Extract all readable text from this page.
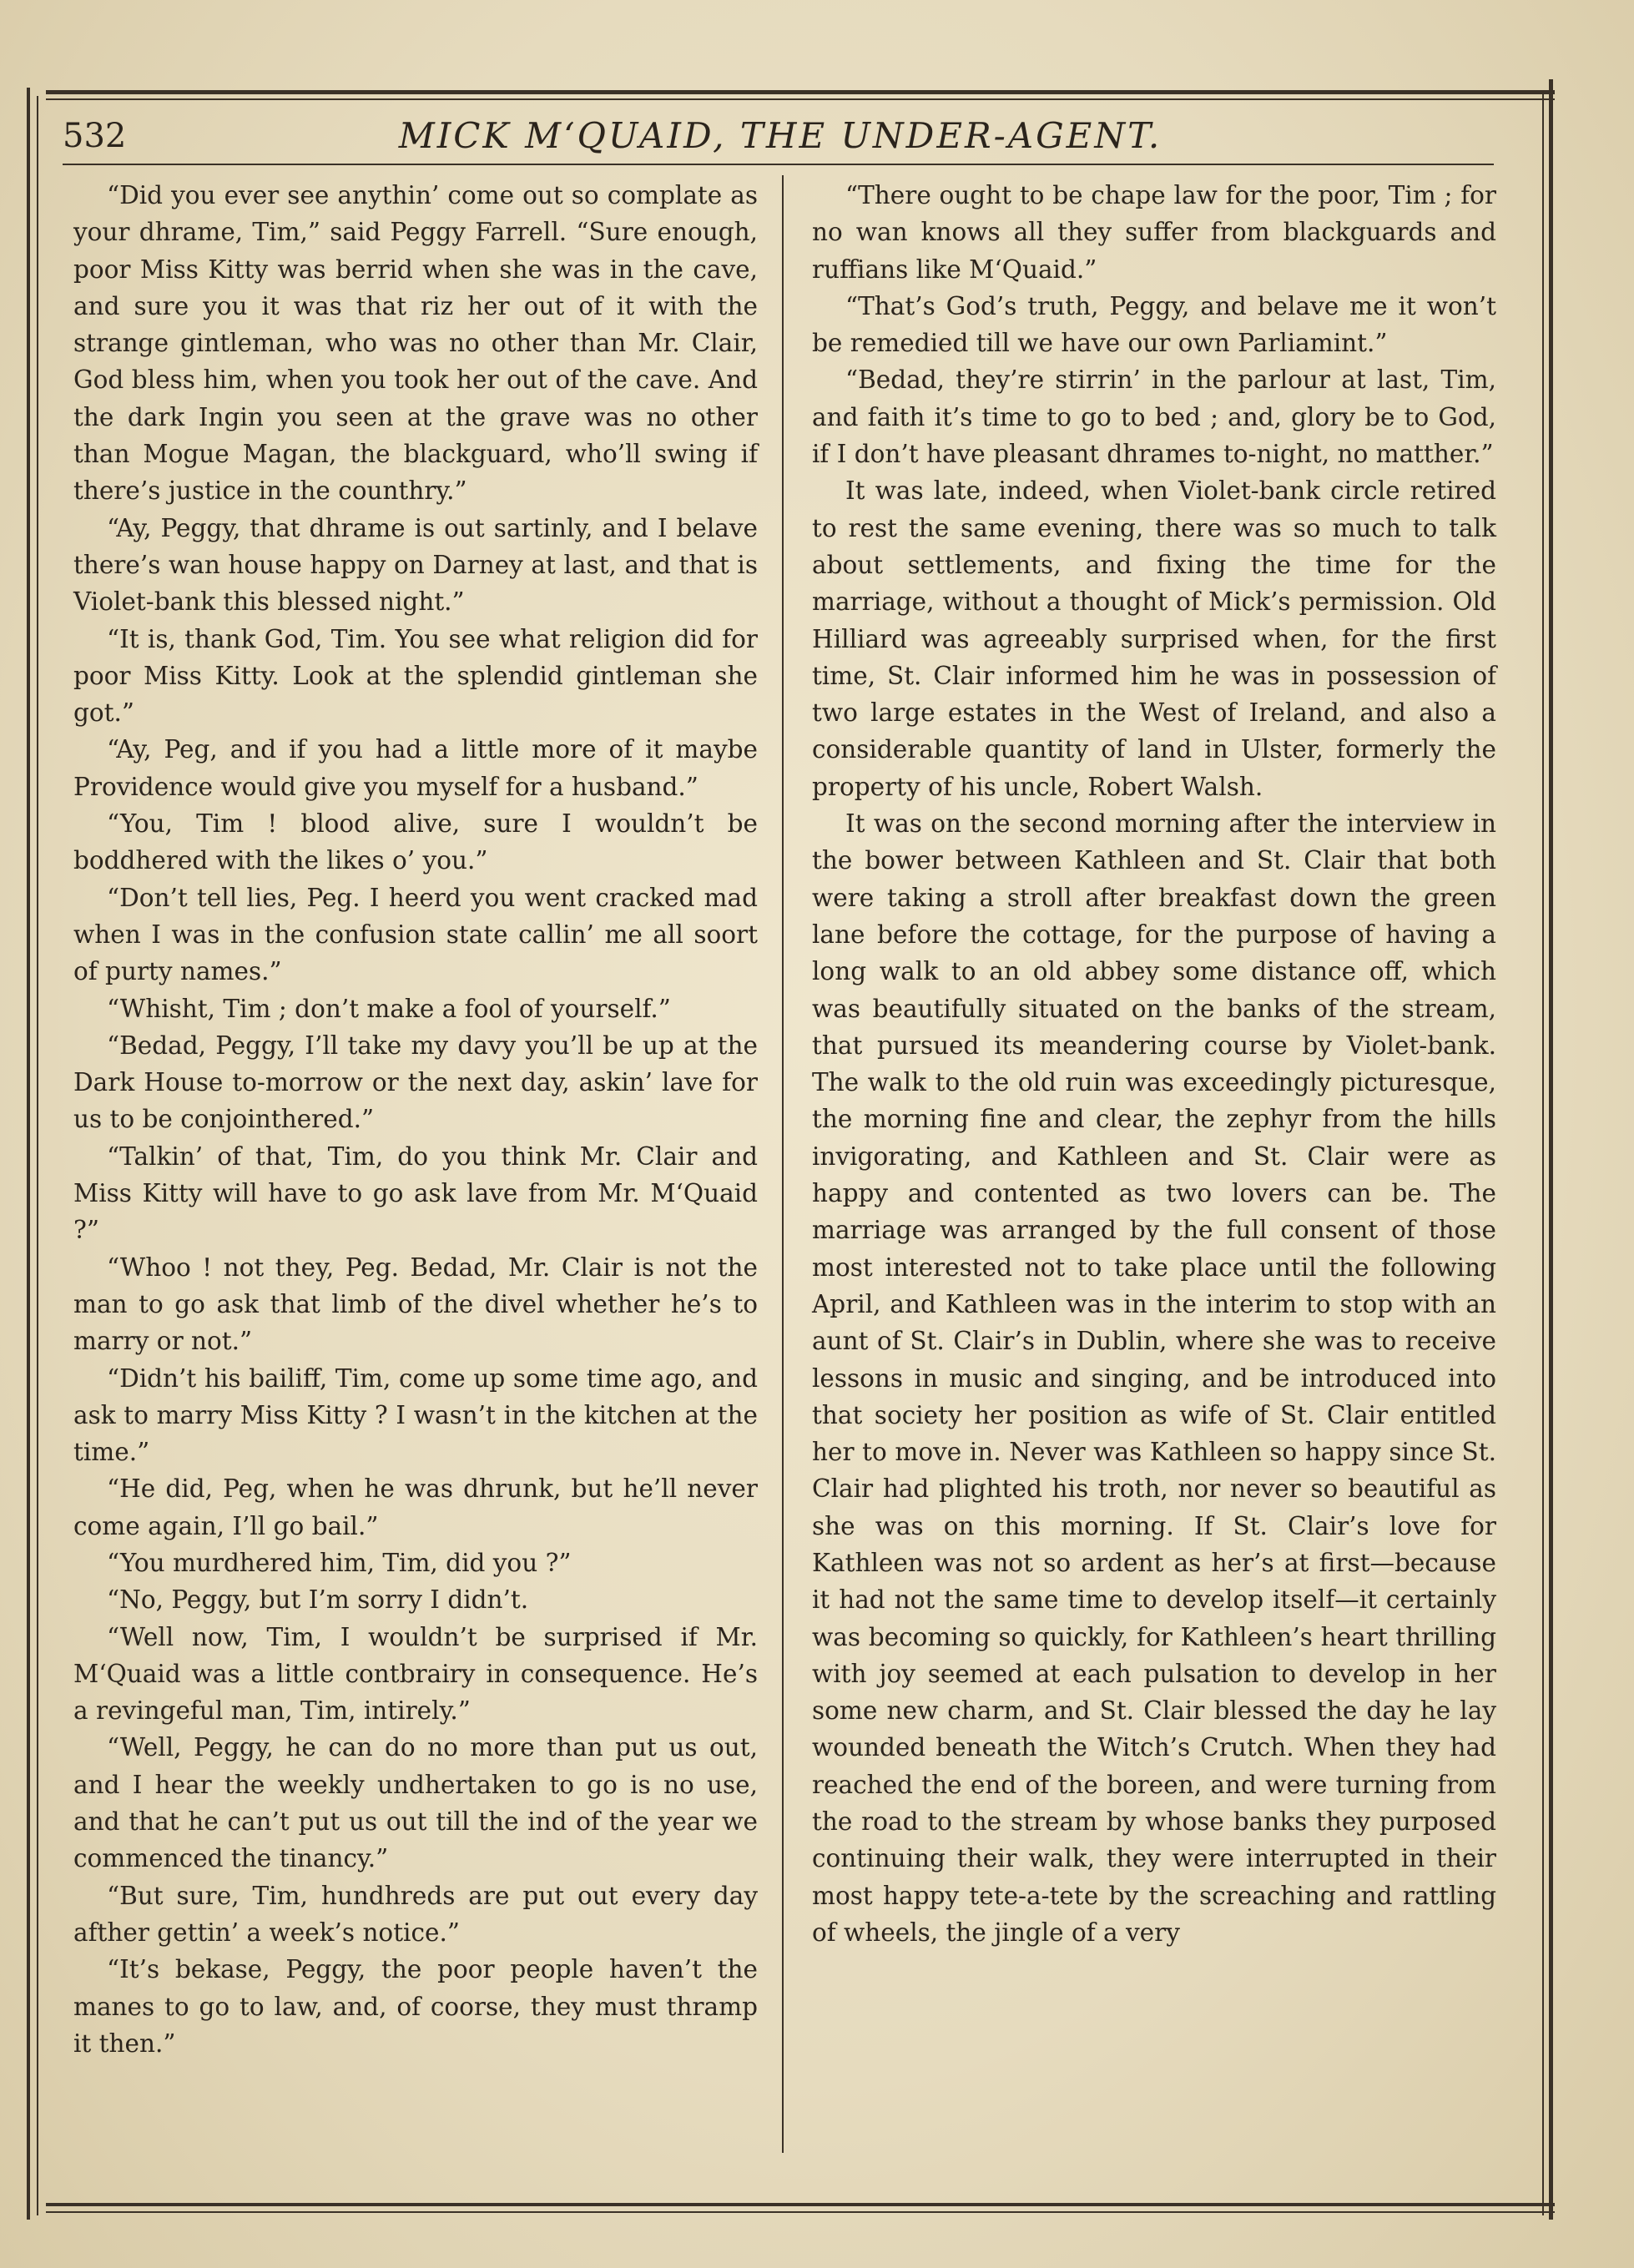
532	MICK M‘QUAID, THE UNDER-AGENT.

“Did you ever see anythin’ come out so complate as your dhrame, Tim,” said Peggy Farrell. “Sure enough, poor Miss Kitty was berrid when she was in the cave, and sure you it was that riz her out of it with the strange gintleman, who was no other than Mr. Clair, God bless him, when you took her out of the cave. And the dark Ingin you seen at the grave was no other than Mogue Magan, the blackguard, who’ll swing if there’s justice in the counthry.”

“Ay, Peggy, that dhrame is out sartinly, and I belave there’s wan house happy on Darney at last, and that is Violet-bank this blessed night.”

“It is, thank God, Tim. You see what religion did for poor Miss Kitty. Look at the splendid gintleman she got.”

“Ay, Peg, and if you had a little more of it maybe Providence would give you myself for a husband.”

“You, Tim ! blood alive, sure I wouldn’t be boddhered with the likes o’ you.”

“Don’t tell lies, Peg. I heerd you went cracked mad when I was in the confusion state callin’ me all soort of purty names.”

“Whisht, Tim ; don’t make a fool of yourself.”

“Bedad, Peggy, I’ll take my davy you’ll be up at the Dark House to-morrow or the next day, askin’ lave for us to be conjointhered.”

“Talkin’ of that, Tim, do you think Mr. Clair and Miss Kitty will have to go ask lave from Mr. M‘Quaid ?”

“Whoo ! not they, Peg. Bedad, Mr. Clair is not the man to go ask that limb of the divel whether he’s to marry or not.”

“Didn’t his bailiff, Tim, come up some time ago, and ask to marry Miss Kitty ? I wasn’t in the kitchen at the time.”

“He did, Peg, when he was dhrunk, but he’ll never come again, I’ll go bail.”

“You murdhered him, Tim, did you ?”

“No, Peggy, but I’m sorry I didn’t.

“Well now, Tim, I wouldn’t be surprised if Mr. M‘Quaid was a little contbrairy in consequence. He’s a revingeful man, Tim, intirely.”

“Well, Peggy, he can do no more than put us out, and I hear the weekly undhertaken to go is no use, and that he can’t put us out till the ind of the year we commenced the tinancy.”

“But sure, Tim, hundhreds are put out every day afther gettin’ a week’s notice.”

“It’s bekase, Peggy, the poor people haven’t the manes to go to law, and, of coorse, they must thramp it then.”

“There ought to be chape law for the poor, Tim ; for no wan knows all they suffer from blackguards and ruffians like M‘Quaid.”

“That’s God’s truth, Peggy, and belave me it won’t be remedied till we have our own Parliamint.”

“Bedad, they’re stirrin’ in the parlour at last, Tim, and faith it’s time to go to bed ; and, glory be to God, if I don’t have pleasant dhrames to-night, no matther.”

It was late, indeed, when Violet-bank circle retired to rest the same evening, there was so much to talk about settlements, and fixing the time for the marriage, without a thought of Mick’s permission. Old Hilliard was agreeably surprised when, for the first time, St. Clair informed him he was in possession of two large estates in the West of Ireland, and also a considerable quantity of land in Ulster, formerly the property of his uncle, Robert Walsh.

It was on the second morning after the interview in the bower between Kathleen and St. Clair that both were taking a stroll after breakfast down the green lane before the cottage, for the purpose of having a long walk to an old abbey some distance off, which was beautifully situated on the banks of the stream, that pursued its meandering course by Violet-bank. The walk to the old ruin was exceedingly picturesque, the morning fine and clear, the zephyr from the hills invigorating, and Kathleen and St. Clair were as happy and contented as two lovers can be. The marriage was arranged by the full consent of those most interested not to take place until the following April, and Kathleen was in the interim to stop with an aunt of St. Clair’s in Dublin, where she was to receive lessons in music and singing, and be introduced into that society her position as wife of St. Clair entitled her to move in. Never was Kathleen so happy since St. Clair had plighted his troth, nor never so beautiful as she was on this morning. If St. Clair’s love for Kathleen was not so ardent as her’s at first—because it had not the same time to develop itself—it certainly was becoming so quickly, for Kathleen’s heart thrilling with joy seemed at each pulsation to develop in her some new charm, and St. Clair blessed the day he lay wounded beneath the Witch’s Crutch. When they had reached the end of the boreen, and were turning from the road to the stream by whose banks they purposed continuing their walk, they were interrupted in their most happy tete-a-tete by the screaching and rattling of wheels, the jingle of a very
